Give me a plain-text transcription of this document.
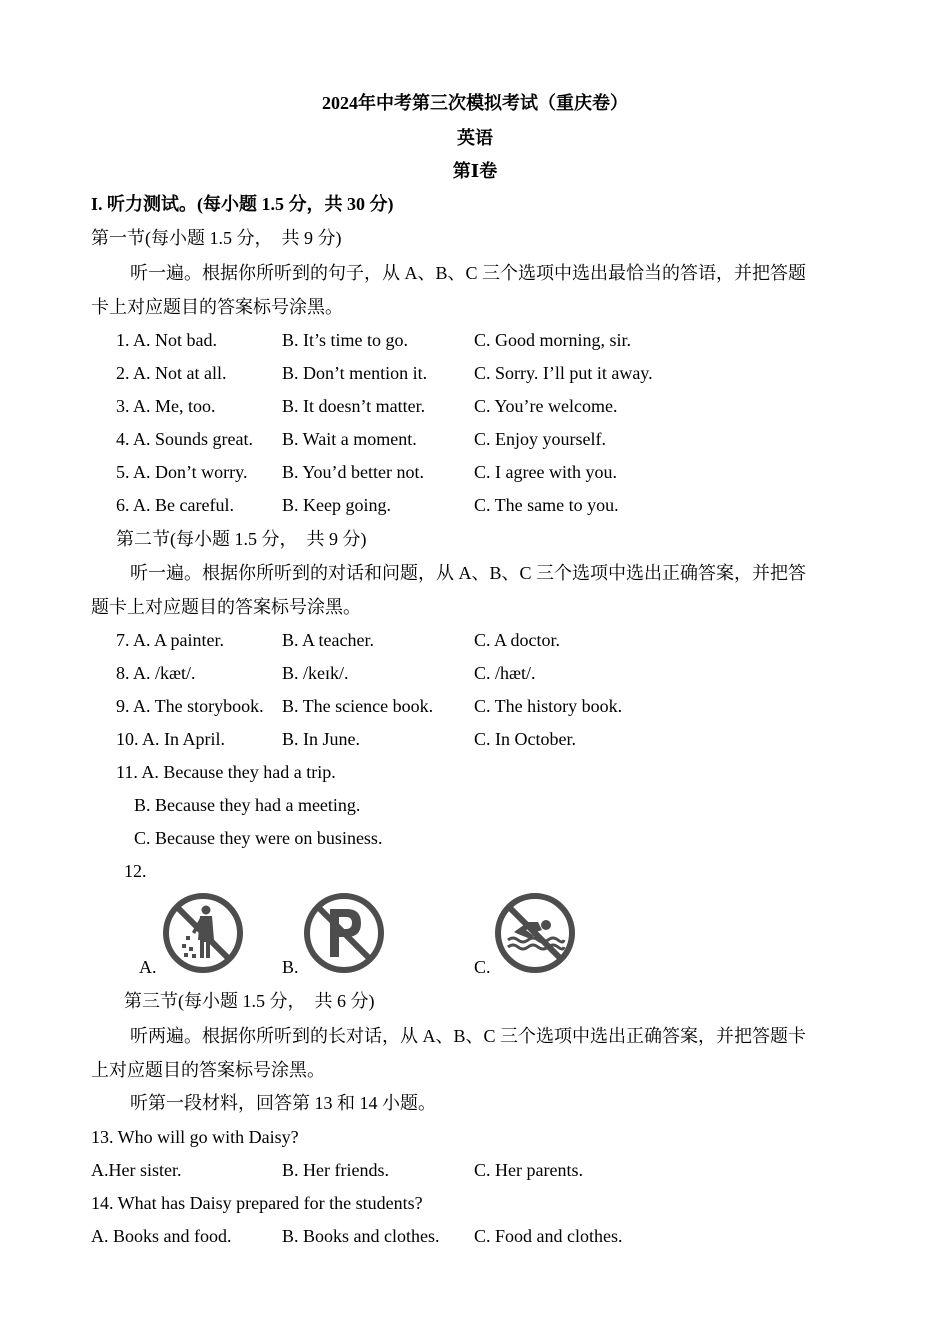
2024年中考第三次模拟考试（重庆卷）
英语
第Ⅰ卷
I. 听力测试。(每小题 1.5 分，共 30 分)
第一节(每小题 1.5 分，　共 9 分)
听一遍。根据你所听到的句子，从 A、B、C 三个选项中选出最恰当的答语，并把答题
卡上对应题目的答案标号涂黑。
1. A. Not bad.	B. It’s time to go.	C. Good morning, sir.
2. A. Not at all.	B. Don’t mention it.	C. Sorry. I’ll put it away.
3. A. Me, too.	B. It doesn’t matter.	C. You’re welcome.
4. A. Sounds great. B. Wait a moment.	C. Enjoy yourself.
5. A. Don’t worry. B. You’d better not.	C. I agree with you.
6. A. Be careful.	B. Keep going.	C. The same to you.
第二节(每小题 1.5 分，　共 9 分)
听一遍。根据你所听到的对话和问题，从 A、B、C 三个选项中选出正确答案，并把答
题卡上对应题目的答案标号涂黑。
7. A. A painter.	B. A teacher.	C. A doctor.
8. A. /kæt/.	B. /keɪk/.	C. /hæt/.
9. A. The storybook. B. The science book. C. The history book.
10. A. In April.	B. In June.	C. In October.
11. A. Because they had a trip.
B. Because they had a meeting.
C. Because they were on business.
12.
A.	B.	C.
第三节(每小题 1.5 分，　共 6 分)
听两遍。根据你所听到的长对话，从 A、B、C 三个选项中选出正确答案，并把答题卡
上对应题目的答案标号涂黑。
听第一段材料，回答第 13 和 14 小题。
13. Who will go with Daisy?
A.Her sister.	B. Her friends.	C. Her parents.
14. What has Daisy prepared for the students?
A. Books and food.	B. Books and clothes. C. Food and clothes.
